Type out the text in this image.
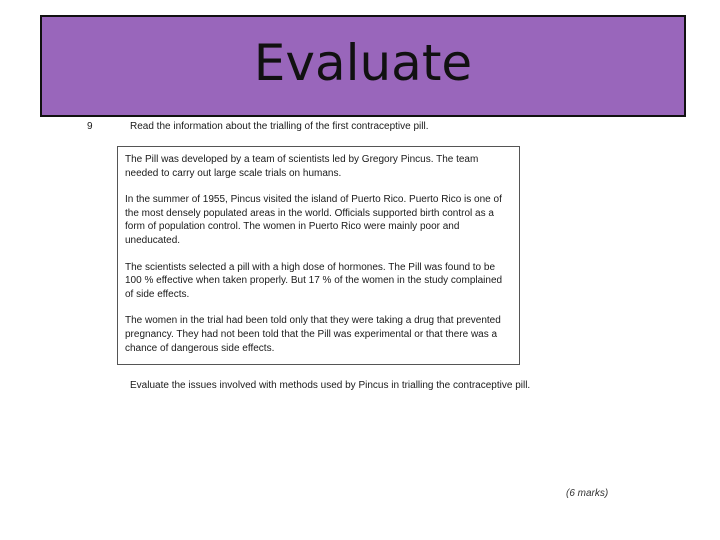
Evaluate
9	Read the information about the trialling of the first contraceptive pill.

The Pill was developed by a team of scientists led by Gregory Pincus. The team needed to carry out large scale trials on humans.

In the summer of 1955, Pincus visited the island of Puerto Rico. Puerto Rico is one of the most densely populated areas in the world. Officials supported birth control as a form of population control. The women in Puerto Rico were mainly poor and uneducated.

The scientists selected a pill with a high dose of hormones. The Pill was found to be 100 % effective when taken properly. But 17 % of the women in the study complained of side effects.

The women in the trial had been told only that they were taking a drug that prevented pregnancy. They had not been told that the Pill was experimental or that there was a chance of dangerous side effects.

Evaluate the issues involved with methods used by Pincus in trialling the contraceptive pill.
(6 marks)
